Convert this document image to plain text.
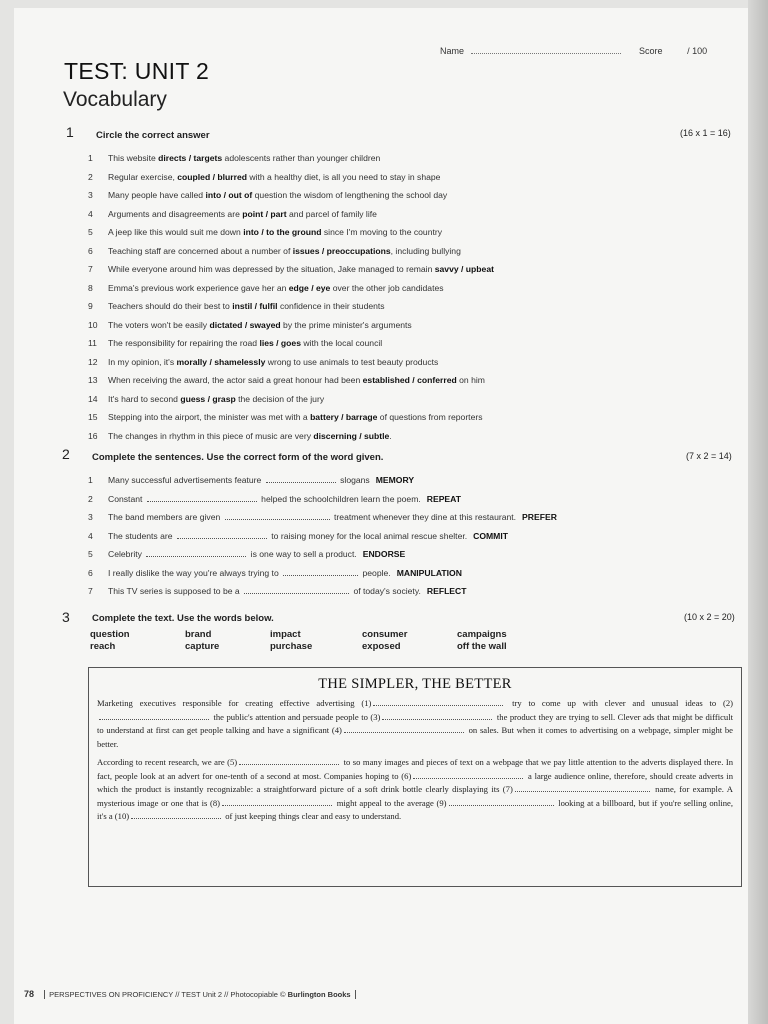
Name	Score	/ 100
TEST: UNIT 2
Vocabulary
1 Circle the correct answer	(16 x 1 = 16)
1 This website directs / targets adolescents rather than younger children
2 Regular exercise, coupled / blurred with a healthy diet, is all you need to stay in shape
3 Many people have called into / out of question the wisdom of lengthening the school day
4 Arguments and disagreements are point / part and parcel of family life
5 A jeep like this would suit me down into / to the ground since I'm moving to the country
6 Teaching staff are concerned about a number of issues / preoccupations, including bullying
7 While everyone around him was depressed by the situation, Jake managed to remain savvy / upbeat
8 Emma's previous work experience gave her an edge / eye over the other job candidates
9 Teachers should do their best to instil / fulfil confidence in their students
10 The voters won't be easily dictated / swayed by the prime minister's arguments
11 The responsibility for repairing the road lies / goes with the local council
12 In my opinion, it's morally / shamelessly wrong to use animals to test beauty products
13 When receiving the award, the actor said a great honour had been established / conferred on him
14 It's hard to second guess / grasp the decision of the jury
15 Stepping into the airport, the minister was met with a battery / barrage of questions from reporters
16 The changes in rhythm in this piece of music are very discerning / subtle.
2 Complete the sentences. Use the correct form of the word given.	(7 x 2 = 14)
1 Many successful advertisements feature	slogans MEMORY
2 Constant	helped the schoolchildren learn the poem. REPEAT
3 The band members are given	treatment whenever they dine at this restaurant. PREFER
4 The students are	to raising money for the local animal rescue shelter. COMMIT
5 Celebrity	is one way to sell a product. ENDORSE
6 I really dislike the way you're always trying to	people. MANIPULATION
7 This TV series is supposed to be a	of today's society. REFLECT
3 Complete the text. Use the words below.	(10 x 2 = 20)
question	brand	impact	consumer	campaigns
reach	capture	purchase	exposed	off the wall
THE SIMPLER, THE BETTER

Marketing executives responsible for creating effective advertising (1)	try to come up with clever and unusual ideas to (2) the public's attention and persuade people to (3)	the product they are trying to sell. Clever ads that might be difficult to understand at first can get people talking and have a significant (4)	on sales. But when it comes to advertising on a webpage, simpler might be better.

According to recent research, we are (5)	to so many images and pieces of text on a webpage that we pay little attention to the adverts displayed there. In fact, people look at an advert for one-tenth of a second at most. Companies hoping to (6)	a large audience online, therefore, should create adverts in which the product is instantly recognizable: a straightforward picture of a soft drink bottle clearly displaying its (7)	name, for example. A mysterious image or one that is (8)	might appeal to the average (9)	looking at a billboard, but if you're selling online, it's a (10)	of just keeping things clear and easy to understand.

78 PERSPECTIVES ON PROFICIENCY // TEST Unit 2 // Photocopiable © Burlington Books
